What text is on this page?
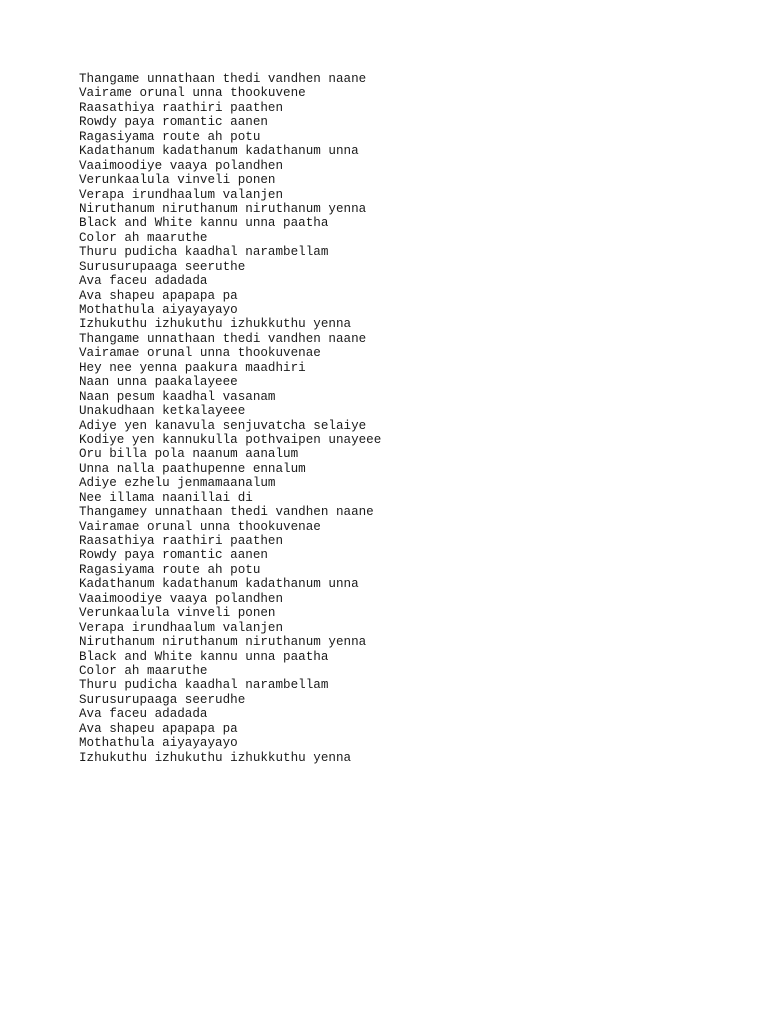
Thangame unnathaan thedi vandhen naane
Vairame orunal unna thookuvene
Raasathiya raathiri paathen
Rowdy paya romantic aanen
Ragasiyama route ah potu
Kadathanum kadathanum kadathanum unna
Vaaimoodiye vaaya polandhen
Verunkaalula vinveli ponen
Verapa irundhaalum valanjen
Niruthanum niruthanum niruthanum yenna
Black and White kannu unna paatha
Color ah maaruthe
Thuru pudicha kaadhal narambellam
Surusurupaaga seeruthe
Ava faceu adadada
Ava shapeu apapapa pa
Mothathula aiyayayayo
Izhukuthu izhukuthu izhukkuthu yenna
Thangame unnathaan thedi vandhen naane
Vairamae orunal unna thookuvenae
Hey nee yenna paakura maadhiri
Naan unna paakalayeee
Naan pesum kaadhal vasanam
Unakudhaan ketkalayeee
Adiye yen kanavula senjuvatcha selaiye
Kodiye yen kannukulla pothvaipen unayeee
Oru billa pola naanum aanalum
Unna nalla paathupenne ennalum
Adiye ezhelu jenmamaanalum
Nee illama naanillai di
Thangamey unnathaan thedi vandhen naane
Vairamae orunal unna thookuvenae
Raasathiya raathiri paathen
Rowdy paya romantic aanen
Ragasiyama route ah potu
Kadathanum kadathanum kadathanum unna
Vaaimoodiye vaaya polandhen
Verunkaalula vinveli ponen
Verapa irundhaalum valanjen
Niruthanum niruthanum niruthanum yenna
Black and White kannu unna paatha
Color ah maaruthe
Thuru pudicha kaadhal narambellam
Surusurupaaga seerudhe
Ava faceu adadada
Ava shapeu apapapa pa
Mothathula aiyayayayo
Izhukuthu izhukuthu izhukkuthu yenna
